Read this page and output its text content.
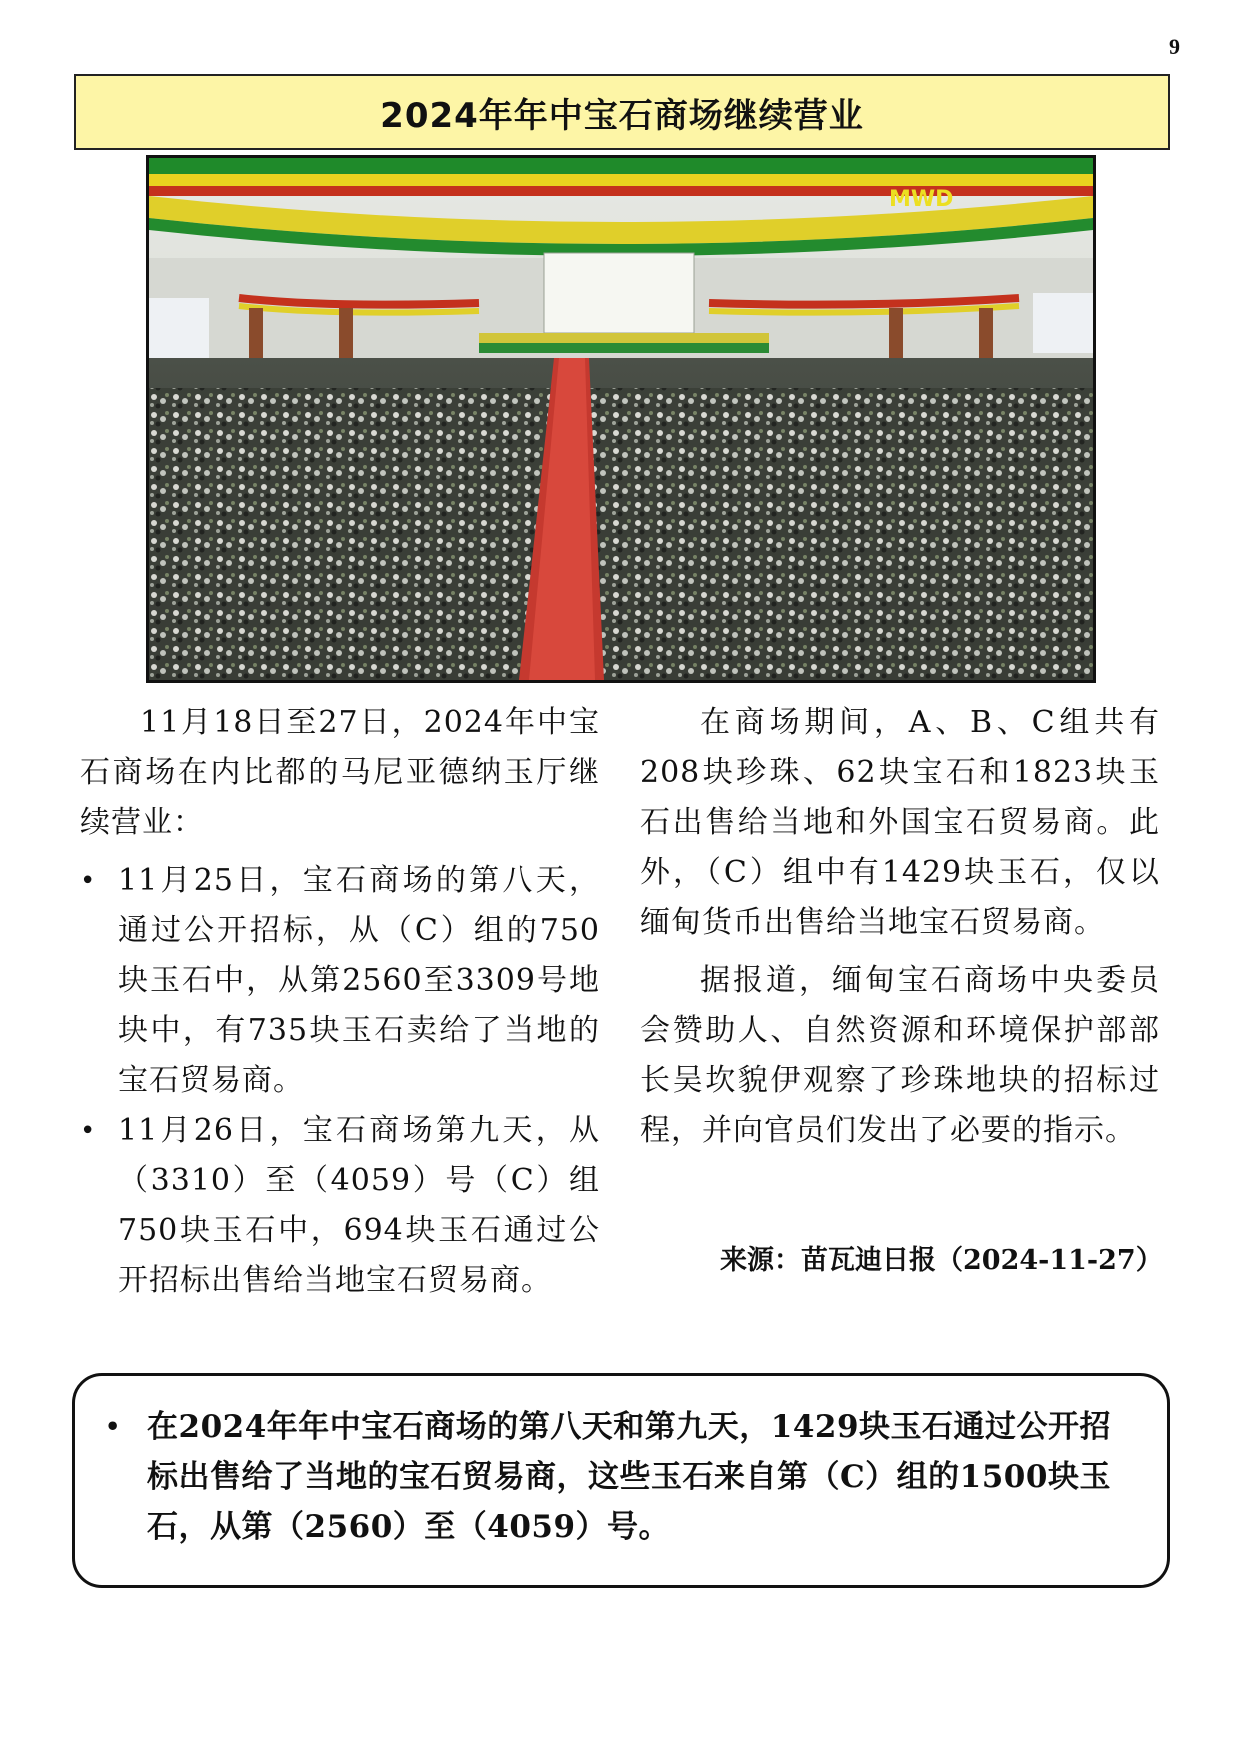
9
2024年年中宝石商场继续营业
MWD

11月18日至27日，2024年中宝石商场在内比都的马尼亚德纳玉厅继续营业：

• 11月25日，宝石商场的第八天，通过公开招标，从（C）组的750块玉石中，从第2560至3309号地块中，有735块玉石卖给了当地的宝石贸易商。
• 11月26日，宝石商场第九天，从（3310）至（4059）号（C）组750块玉石中，694块玉石通过公开招标出售给当地宝石贸易商。

在商场期间，A、B、C组共有208块珍珠、62块宝石和1823块玉石出售给当地和外国宝石贸易商。此外，（C）组中有1429块玉石，仅以缅甸货币出售给当地宝石贸易商。

据报道，缅甸宝石商场中央委员会赞助人、自然资源和环境保护部部长吴坎貌伊观察了珍珠地块的招标过程，并向官员们发出了必要的指示。

来源：苗瓦迪日报（2024-11-27）
• 在2024年年中宝石商场的第八天和第九天，1429块玉石通过公开招标出售给了当地的宝石贸易商，这些玉石来自第（C）组的1500块玉石，从第（2560）至（4059）号。
